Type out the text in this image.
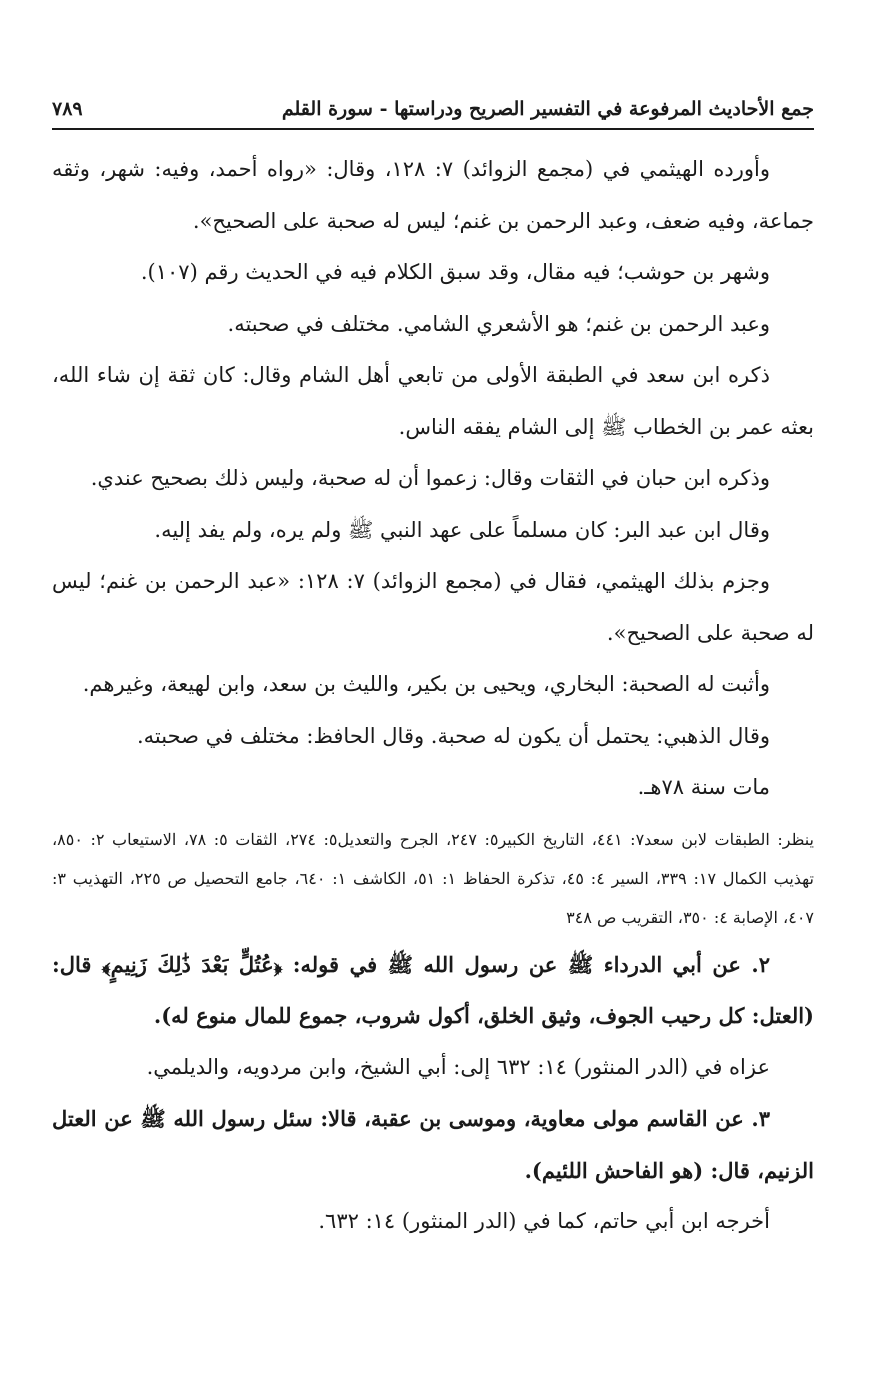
جمع الأحاديث المرفوعة في التفسير الصريح ودراستها - سورة القلم
٧٨٩

وأورده الهيثمي في (مجمع الزوائد) ٧: ١٢٨، وقال: «رواه أحمد، وفيه: شهر، وثقه جماعة، وفيه ضعف، وعبد الرحمن بن غنم؛ ليس له صحبة على الصحيح».

وشهر بن حوشب؛ فيه مقال، وقد سبق الكلام فيه في الحديث رقم (١٠٧).

وعبد الرحمن بن غنم؛ هو الأشعري الشامي. مختلف في صحبته.

ذكره ابن سعد في الطبقة الأولى من تابعي أهل الشام وقال: كان ثقة إن شاء الله، بعثه عمر بن الخطاب ﷺ إلى الشام يفقه الناس.

وذكره ابن حبان في الثقات وقال: زعموا أن له صحبة، وليس ذلك بصحيح عندي.

وقال ابن عبد البر: كان مسلماً على عهد النبي ﷺ ولم يره، ولم يفد إليه.

وجزم بذلك الهيثمي، فقال في (مجمع الزوائد) ٧: ١٢٨: «عبد الرحمن بن غنم؛ ليس له صحبة على الصحيح».

وأثبت له الصحبة: البخاري، ويحيى بن بكير، والليث بن سعد، وابن لهيعة، وغيرهم.

وقال الذهبي: يحتمل أن يكون له صحبة. وقال الحافظ: مختلف في صحبته.

مات سنة ٧٨هـ.

ينظر: الطبقات لابن سعد٧: ٤٤١، التاريخ الكبير٥: ٢٤٧، الجرح والتعديل٥: ٢٧٤، الثقات ٥: ٧٨، الاستيعاب ٢: ٨٥٠، تهذيب الكمال ١٧: ٣٣٩، السير ٤: ٤٥، تذكرة الحفاظ ١: ٥١، الكاشف ١: ٦٤٠، جامع التحصيل ص ٢٢٥، التهذيب ٣: ٤٠٧، الإصابة ٤: ٣٥٠، التقريب ص ٣٤٨

٢. عن أبي الدرداء ﷺ عن رسول الله ﷺ في قوله: ﴿عُتُلٍّ بَعْدَ ذَٰلِكَ زَنِيمٍ﴾ قال: (العتل: كل رحيب الجوف، وثيق الخلق، أكول شروب، جموع للمال منوع له).

عزاه في (الدر المنثور) ١٤: ٦٣٢ إلى: أبي الشيخ، وابن مردويه، والديلمي.

٣. عن القاسم مولى معاوية، وموسى بن عقبة، قالا: سئل رسول الله ﷺ عن العتل الزنيم، قال: (هو الفاحش اللئيم).

أخرجه ابن أبي حاتم، كما في (الدر المنثور) ١٤: ٦٣٢.
